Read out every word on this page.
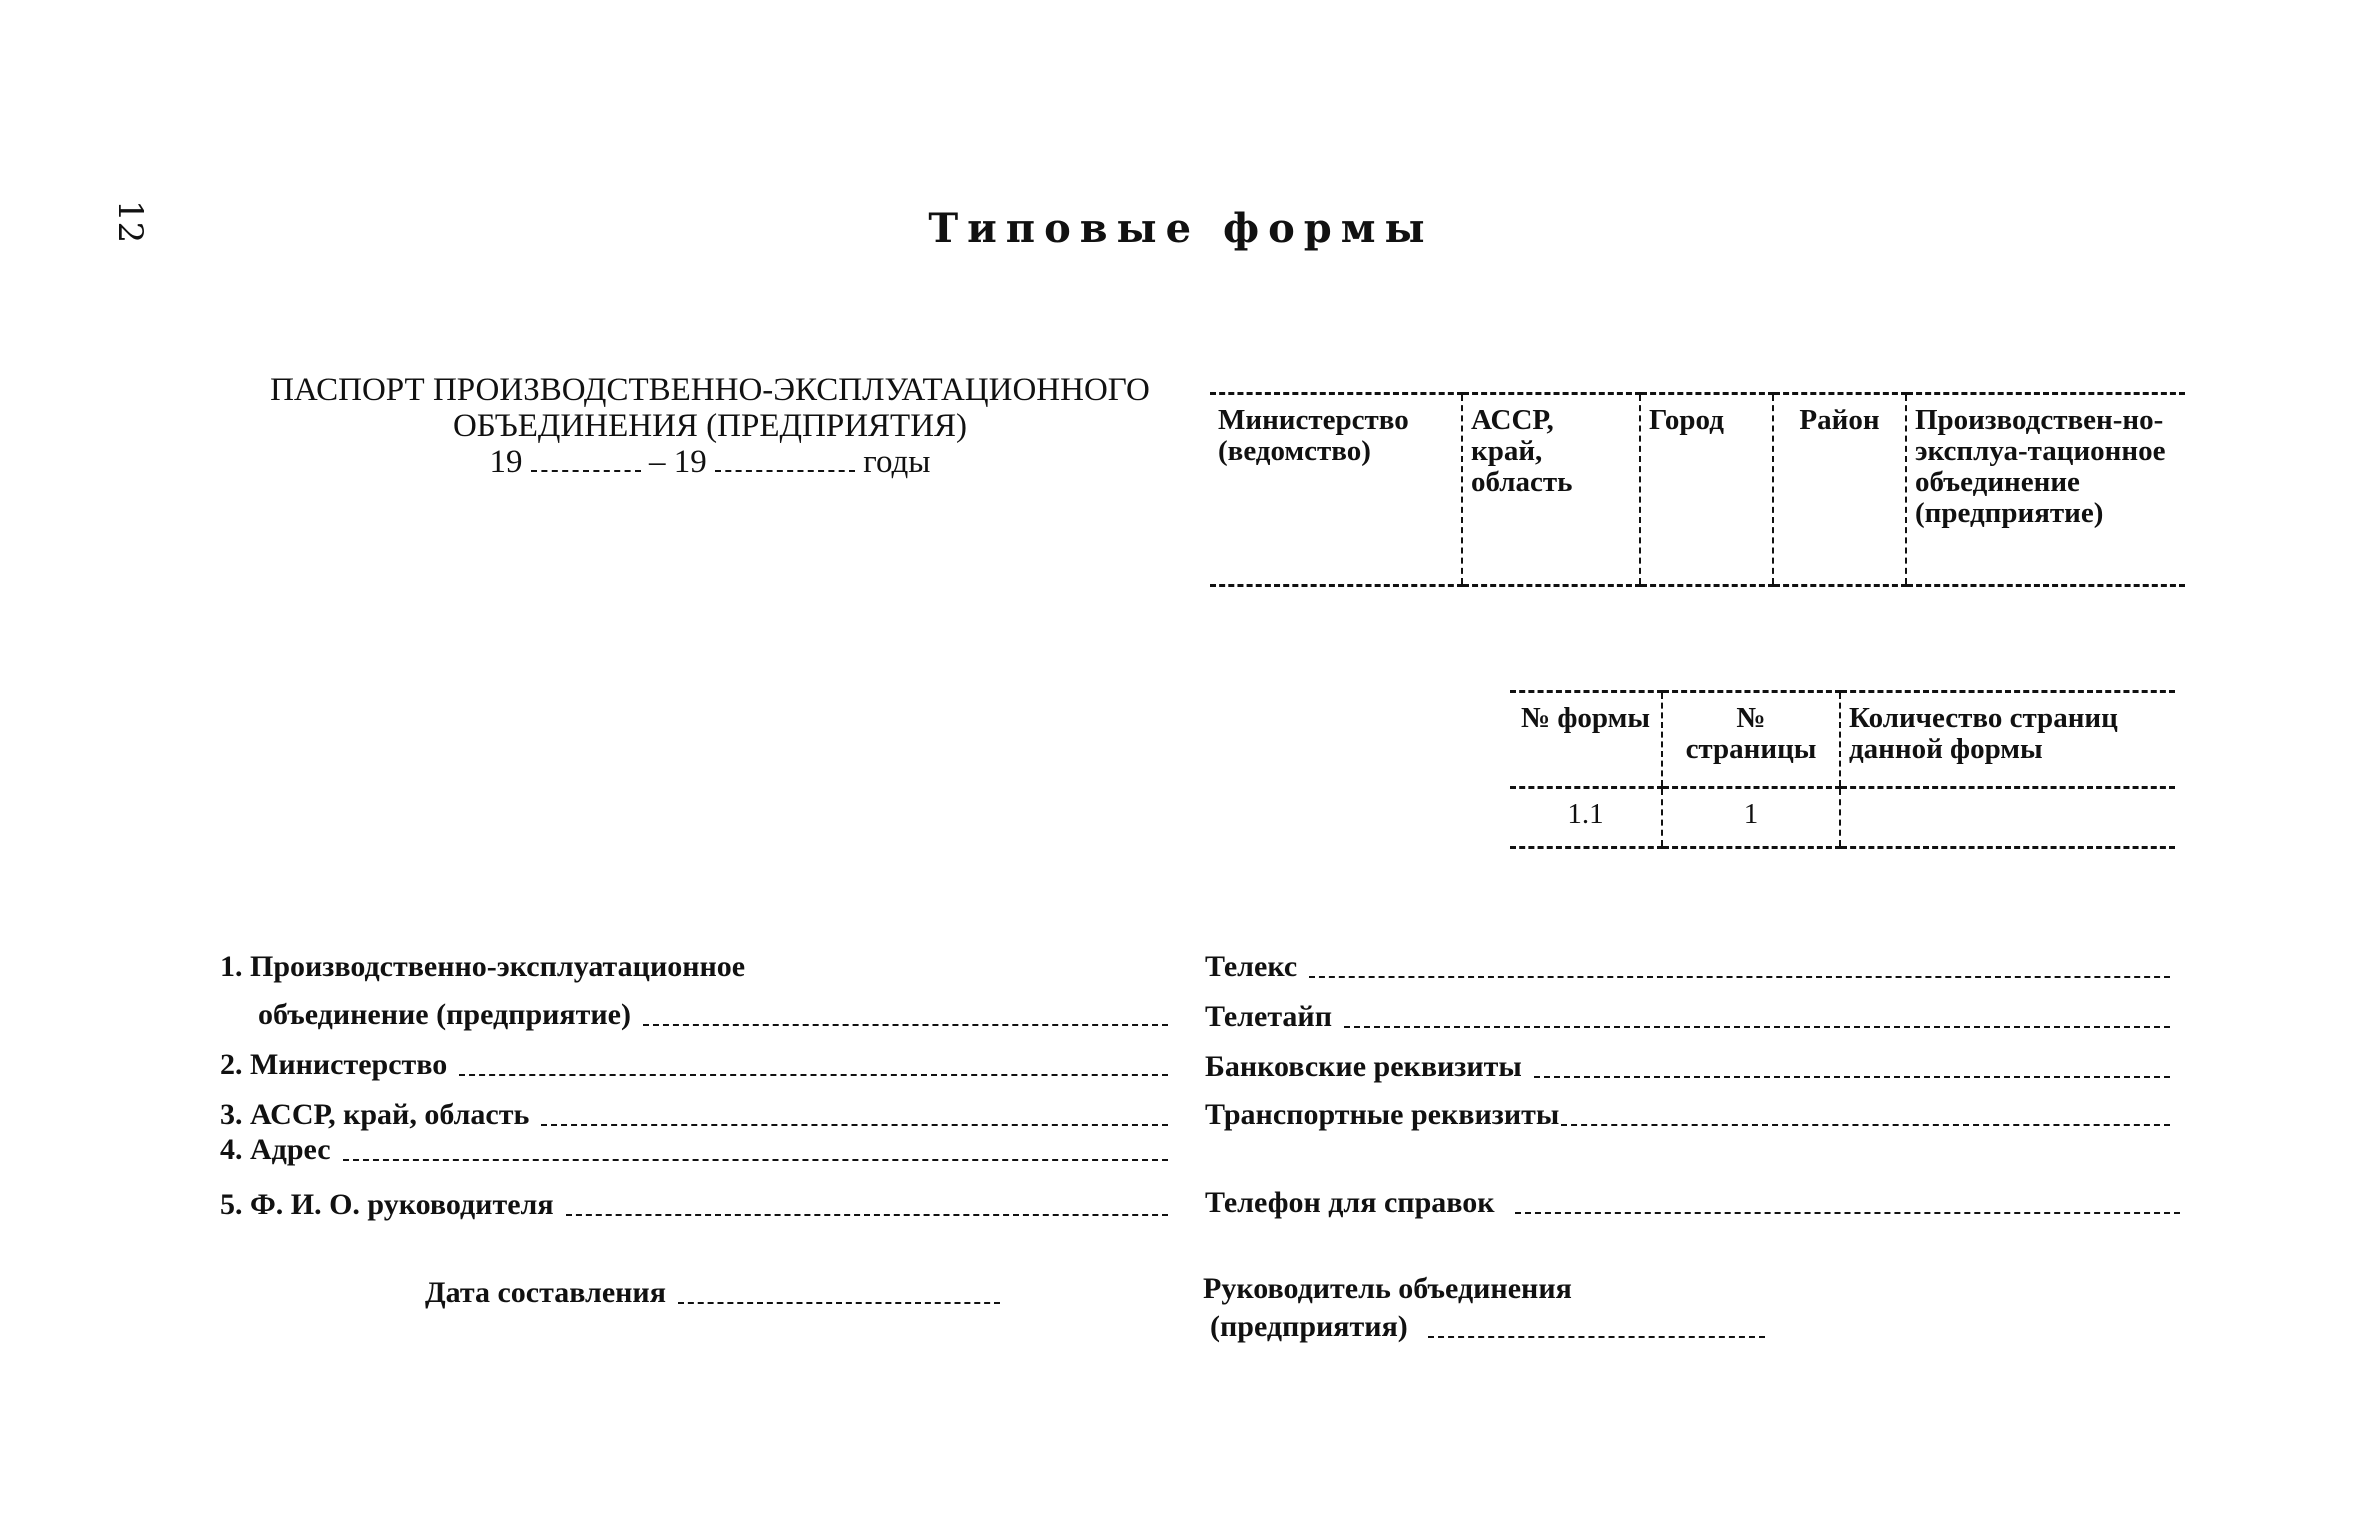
12	Типовые формы
ПАСПОРТ ПРОИЗВОДСТВЕННО-ЭКСПЛУАТАЦИОННОГО
ОБЪЕДИНЕНИЯ (ПРЕДПРИЯТИЯ)
19	– 19	годы
Министерство (ведомство)	АССР, край, область	Город	Район	Производствен-но-эксплуа-тационное объединение (предприятие)
№ формы	№ страницы	Количество страниц данной формы
1.1	1	
1. Производственно-эксплуатационное
объединение (предприятие)
2. Министерство
3. АССР, край, область
4. Адрес
5. Ф. И. О. руководителя
Дата составления
Телекс
Телетайп
Банковские реквизиты
Транспортные реквизиты
Телефон для справок
Руководитель объединения
(предприятия)
